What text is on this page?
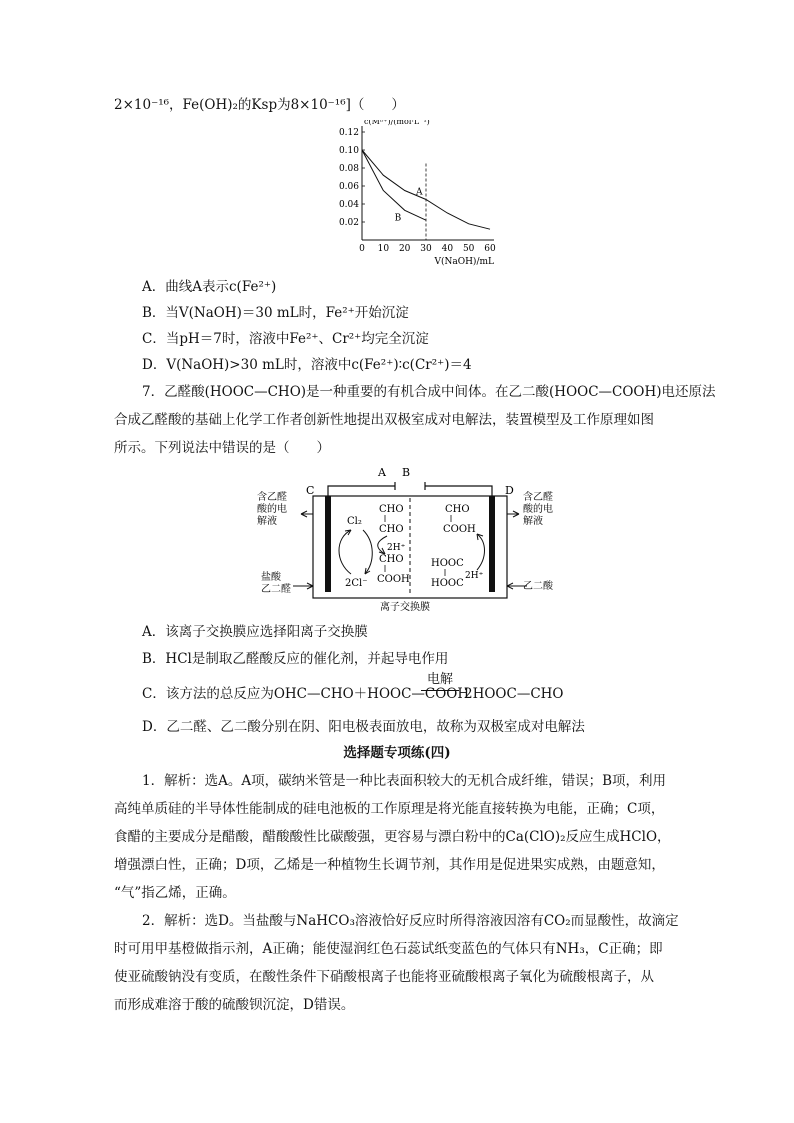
2×10⁻¹⁶，Fe(OH)₂的Ksp为8×10⁻¹⁶]（　　）
0.02
0.04
0.06
0.08
0.10
0.12
0 10 20 30 40 50 60
c(Mⁿ⁺)/(mol·L⁻¹)
V(NaOH)/mL
A
B
A．曲线A表示c(Fe²⁺)
B．当V(NaOH)＝30 mL时，Fe²⁺开始沉淀
C．当pH＝7时，溶液中Fe²⁺、Cr²⁺均完全沉淀
D．V(NaOH)>30 mL时，溶液中c(Fe²⁺)∶c(Cr²⁺)＝4
7．乙醛酸(HOOC—CHO)是一种重要的有机合成中间体。在乙二酸(HOOC—COOH)电还原法
合成乙醛酸的基础上化学工作者创新性地提出双极室成对电解法，装置模型及工作原理如图
所示。下列说法中错误的是（　　）
A B
C	D
离子交换膜
含乙醛酸的电解液
盐酸乙二醛
含乙醛酸的电解液
乙二酸
Cl₂
2Cl⁻
CHO
CHO
CHO
COOH
2H⁺
CHO
COOH
HOOC
HOOC
2H⁺
A．该离子交换膜应选择阳离子交换膜
B．HCl是制取乙醛酸反应的催化剂，并起导电作用
C．该方法的总反应为OHC—CHO＋HOOC—COOH
电解
2HOOC—CHO
D．乙二醛、乙二酸分别在阴、阳电极表面放电，故称为双极室成对电解法
选择题专项练(四)
1．解析：选A。A项，碳纳米管是一种比表面积较大的无机合成纤维，错误；B项，利用
高纯单质硅的半导体性能制成的硅电池板的工作原理是将光能直接转换为电能，正确；C项，
食醋的主要成分是醋酸，醋酸酸性比碳酸强，更容易与漂白粉中的Ca(ClO)₂反应生成HClO，
增强漂白性，正确；D项，乙烯是一种植物生长调节剂，其作用是促进果实成熟，由题意知，
“气”指乙烯，正确。
2．解析：选D。当盐酸与NaHCO₃溶液恰好反应时所得溶液因溶有CO₂而显酸性，故滴定
时可用甲基橙做指示剂，A正确；能使湿润红色石蕊试纸变蓝色的气体只有NH₃，C正确；即
使亚硫酸钠没有变质，在酸性条件下硝酸根离子也能将亚硫酸根离子氧化为硫酸根离子，从
而形成难溶于酸的硫酸钡沉淀，D错误。
